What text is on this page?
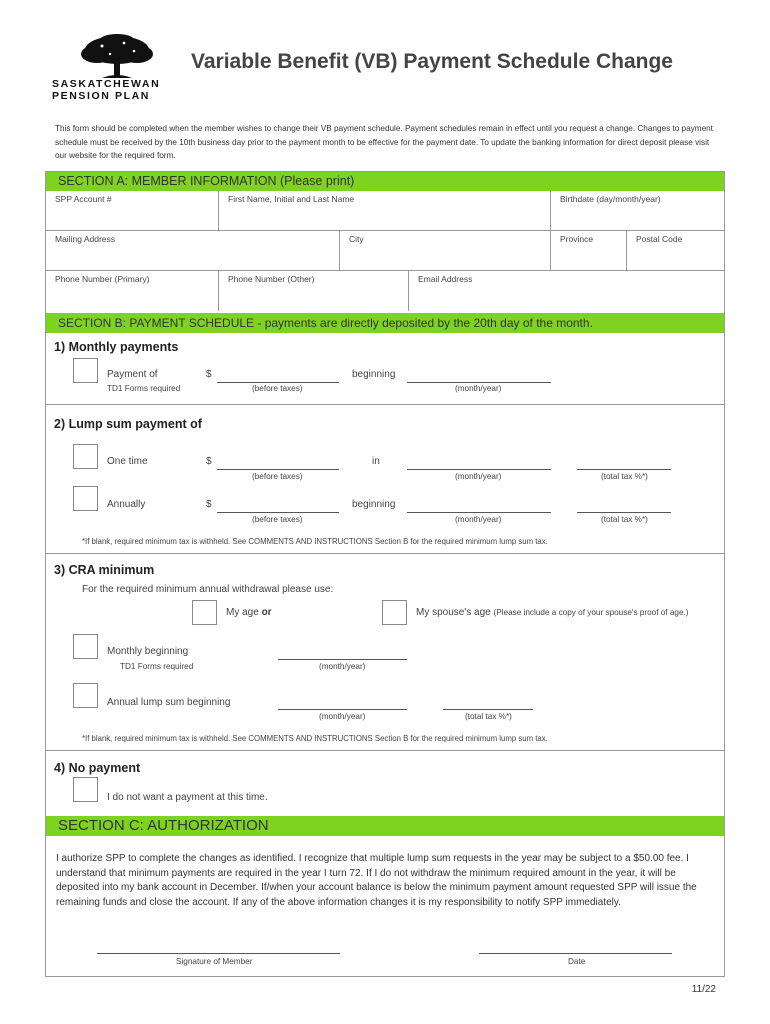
SASKATCHEWAN
PENSION PLAN
Variable Benefit (VB) Payment Schedule Change
This form should be completed when the member wishes to change their VB payment schedule. Payment schedules remain in effect until you request a change. Changes to payment schedule must be received by the 10th business day prior to the payment month to be effective for the payment date. To update the banking information for direct deposit please visit our website for the required form.
SECTION A: MEMBER INFORMATION (Please print)
SPP Account #	First Name, Initial and Last Name	Birthdate (day/month/year)
Mailing Address	City	Province	Postal Code
Phone Number (Primary)	Phone Number (Other)	Email Address
SECTION B: PAYMENT SCHEDULE - payments are directly deposited by the 20th day of the month.
1) Monthly payments
Payment of
TD1 Forms required
$
(before taxes)
beginning
(month/year)
2) Lump sum payment of
One time	$
(before taxes)
in
(month/year)	(total tax %*)
Annually	$
(before taxes)
beginning
(month/year)	(total tax %*)
*If blank, required minimum tax is withheld. See COMMENTS AND INSTRUCTIONS Section B for the required minimum lump sum tax.
3) CRA minimum
For the required minimum annual withdrawal please use:
My age or	My spouse's age (Please include a copy of your spouse's proof of age.)
Monthly beginning
TD1 Forms required	(month/year)
Annual lump sum beginning
(month/year)	(total tax %*)
*If blank, required minimum tax is withheld. See COMMENTS AND INSTRUCTIONS Section B for the required minimum lump sum tax.
4) No payment
I do not want a payment at this time.
SECTION C: AUTHORIZATION
I authorize SPP to complete the changes as identified. I recognize that multiple lump sum requests in the year may be subject to a $50.00 fee. I understand that minimum payments are required in the year I turn 72. If I do not withdraw the minimum required amount in the year, it will be deposited into my bank account in December. If/when your account balance is below the minimum payment amount requested SPP will issue the remaining funds and close the account. If any of the above information changes it is my responsibility to notify SPP immediately.
Signature of Member	Date
11/22
